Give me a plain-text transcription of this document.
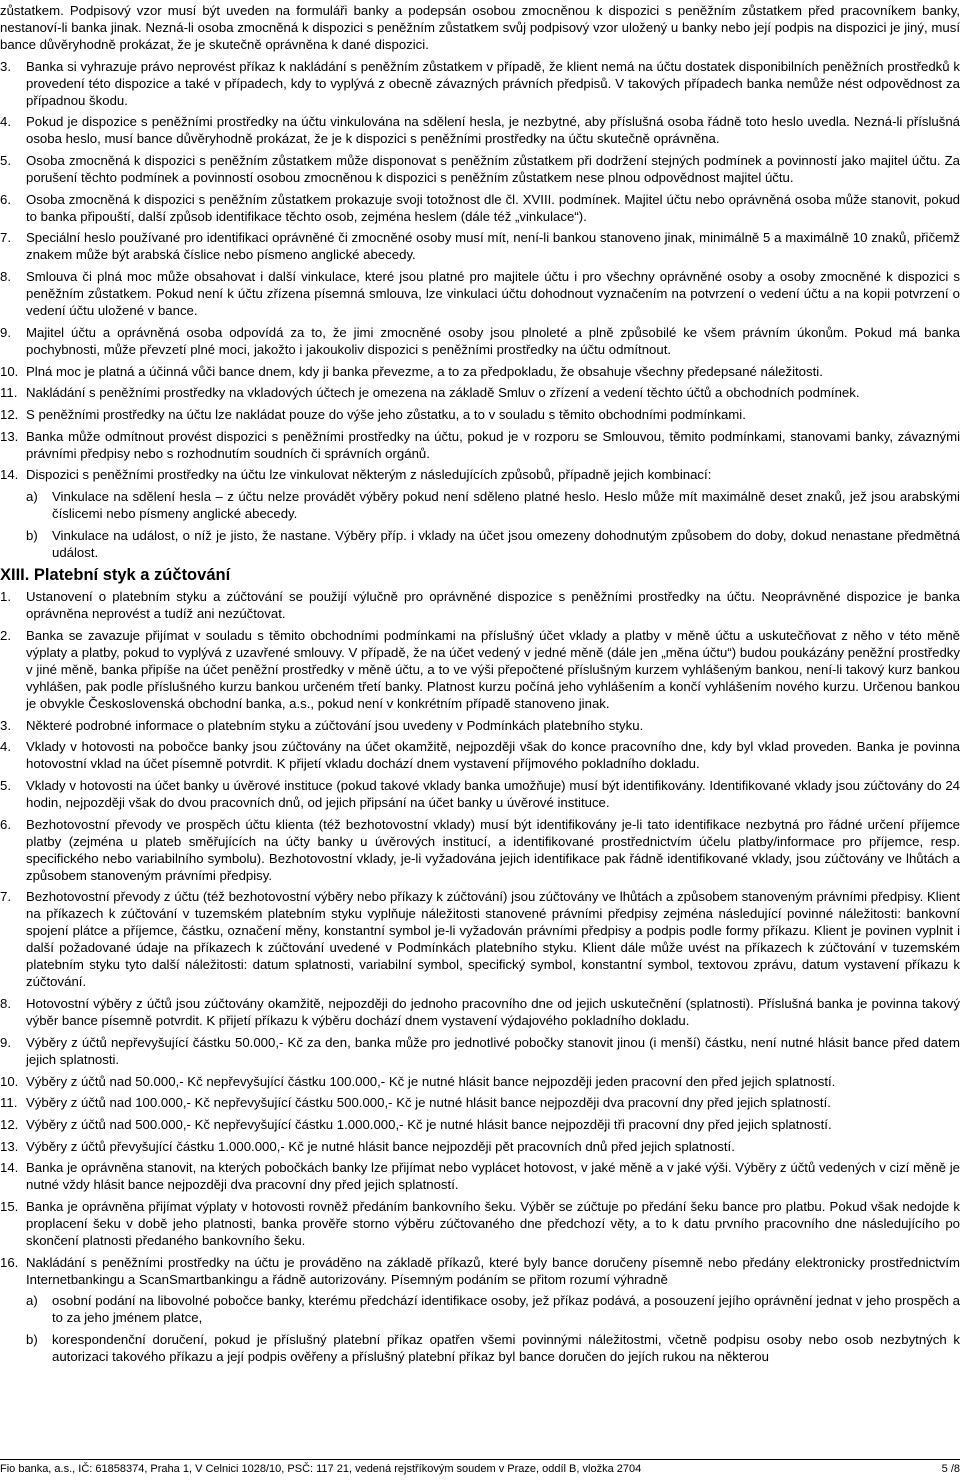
zůstatkem. Podpisový vzor musí být uveden na formuláři banky a podepsán osobou zmocněnou k dispozici s peněžním zůstatkem před pracovníkem banky, nestanoví-li banka jinak. Nezná-li osoba zmocněná k dispozici s peněžním zůstatkem svůj podpisový vzor uložený u banky nebo její podpis na dispozici je jiný, musí bance důvěryhodně prokázat, že je skutečně oprávněna k dané dispozici.

3.	Banka si vyhrazuje právo neprovést příkaz k nakládání s peněžním zůstatkem v případě, že klient nemá na účtu dostatek disponibilních peněžních prostředků k provedení této dispozice a také v případech, kdy to vyplývá z obecně závazných právních předpisů. V takových případech banka nemůže nést odpovědnost za případnou škodu.
4.	Pokud je dispozice s peněžními prostředky na účtu vinkulována na sdělení hesla, je nezbytné, aby příslušná osoba řádně toto heslo uvedla. Nezná-li příslušná osoba heslo, musí bance důvěryhodně prokázat, že je k dispozici s peněžními prostředky na účtu skutečně oprávněna.
5.	Osoba zmocněná k dispozici s peněžním zůstatkem může disponovat s peněžním zůstatkem při dodržení stejných podmínek a povinností jako majitel účtu. Za porušení těchto podmínek a povinností osobou zmocněnou k dispozici s peněžním zůstatkem nese plnou odpovědnost majitel účtu.
6.	Osoba zmocněná k dispozici s peněžním zůstatkem prokazuje svoji totožnost dle čl. XVIII. podmínek. Majitel účtu nebo oprávněná osoba může stanovit, pokud to banka připouští, další způsob identifikace těchto osob, zejména heslem (dále též „vinkulace“).
7.	Speciální heslo používané pro identifikaci oprávněné či zmocněné osoby musí mít, není-li bankou stanoveno jinak, minimálně 5 a maximálně 10 znaků, přičemž znakem může být arabská číslice nebo písmeno anglické abecedy.
8.	Smlouva či plná moc může obsahovat i další vinkulace, které jsou platné pro majitele účtu i pro všechny oprávněné osoby a osoby zmocněné k dispozici s peněžním zůstatkem. Pokud není k účtu zřízena písemná smlouva, lze vinkulaci účtu dohodnout vyznačením na potvrzení o vedení účtu a na kopii potvrzení o vedení účtu uložené v bance.
9.	Majitel účtu a oprávněná osoba odpovídá za to, že jimi zmocněné osoby jsou plnoleté a plně způsobilé ke všem právním úkonům. Pokud má banka pochybnosti, může převzetí plné moci, jakožto i jakoukoliv dispozici s peněžními prostředky na účtu odmítnout.
10. Plná moc je platná a účinná vůči bance dnem, kdy ji banka převezme, a to za předpokladu, že obsahuje všechny předepsané náležitosti.
11. Nakládání s peněžními prostředky na vkladových účtech je omezena na základě Smluv o zřízení a vedení těchto účtů a obchodních podmínek.
12. S peněžními prostředky na účtu lze nakládat pouze do výše jeho zůstatku, a to v souladu s těmito obchodními podmínkami.
13. Banka může odmítnout provést dispozici s peněžními prostředky na účtu, pokud je v rozporu se Smlouvou, těmito podmínkami, stanovami banky, závaznými právními předpisy nebo s rozhodnutím soudních či správních orgánů.
14. Dispozici s peněžními prostředky na účtu lze vinkulovat některým z následujících způsobů, případně jejich kombinací:
a)	Vinkulace na sdělení hesla – z účtu nelze provádět výběry pokud není sděleno platné heslo. Heslo může mít maximálně deset znaků, jež jsou arabskými číslicemi nebo písmeny anglické abecedy.
b)	Vinkulace na událost, o níž je jisto, že nastane. Výběry příp. i vklady na účet jsou omezeny dohodnutým způsobem do doby, dokud nenastane předmětná událost.
XIII. Platební styk a zúčtování
1.	Ustanovení o platebním styku a zúčtování se použijí výlučně pro oprávněné dispozice s peněžními prostředky na účtu. Neoprávněné dispozice je banka oprávněna neprovést a tudíž ani nezúčtovat.
2.	Banka se zavazuje přijímat v souladu s těmito obchodními podmínkami na příslušný účet vklady a platby v měně účtu a uskutečňovat z něho v této měně výplaty a platby, pokud to vyplývá z uzavřené smlouvy. V případě, že na účet vedený v jedné měně (dále jen „měna účtu“) budou poukázány peněžní prostředky v jiné měně, banka připíše na účet peněžní prostředky v měně účtu, a to ve výši přepočtené příslušným kurzem vyhlášeným bankou, není-li takový kurz bankou vyhlášen, pak podle příslušného kurzu bankou určeném třetí banky. Platnost kurzu počíná jeho vyhlášením a končí vyhlášením nového kurzu. Určenou bankou je obvykle Československá obchodní banka, a.s., pokud není v konkrétním případě stanoveno jinak.
3.	Některé podrobné informace o platebním styku a zúčtování jsou uvedeny v Podmínkách platebního styku.
4.	Vklady v hotovosti na pobočce banky jsou zúčtovány na účet okamžitě, nejpozději však do konce pracovního dne, kdy byl vklad proveden. Banka je povinna hotovostní vklad na účet písemně potvrdit. K přijetí vkladu dochází dnem vystavení příjmového pokladního dokladu.
5.	Vklady v hotovosti na účet banky u úvěrové instituce (pokud takové vklady banka umožňuje) musí být identifikovány. Identifikované vklady jsou zúčtovány do 24 hodin, nejpozději však do dvou pracovních dnů, od jejich připsání na účet banky u úvěrové instituce.
6.	Bezhotovostní převody ve prospěch účtu klienta (též bezhotovostní vklady) musí být identifikovány je-li tato identifikace nezbytná pro řádné určení příjemce platby (zejména u plateb směřujících na účty banky u úvěrových institucí, a identifikované prostřednictvím účelu platby/informace pro příjemce, resp. specifického nebo variabilního symbolu). Bezhotovostní vklady, je-li vyžadována jejich identifikace pak řádně identifikované vklady, jsou zúčtovány ve lhůtách a způsobem stanoveným právními předpisy.
7.	Bezhotovostní převody z účtu (též bezhotovostní výběry nebo příkazy k zúčtování) jsou zúčtovány ve lhůtách a způsobem stanoveným právními předpisy. Klient na příkazech k zúčtování v tuzemském platebním styku vyplňuje náležitosti stanovené právními předpisy zejména následující povinné náležitosti: bankovní spojení plátce a příjemce, částku, označení měny, konstantní symbol je-li vyžadován právními předpisy a podpis podle formy příkazu. Klient je povinen vyplnit i další požadované údaje na příkazech k zúčtování uvedené v Podmínkách platebního styku. Klient dále může uvést na příkazech k zúčtování v tuzemském platebním styku tyto další náležitosti: datum splatnosti, variabilní symbol, specifický symbol, konstantní symbol, textovou zprávu, datum vystavení příkazu k zúčtování.
8.	Hotovostní výběry z účtů jsou zúčtovány okamžitě, nejpozději do jednoho pracovního dne od jejich uskutečnění (splatnosti). Příslušná banka je povinna takový výběr bance písemně potvrdit. K přijetí příkazu k výběru dochází dnem vystavení výdajového pokladního dokladu.
9.	Výběry z účtů nepřevyšující částku 50.000,- Kč za den, banka může pro jednotlivé pobočky stanovit jinou (i menší) částku, není nutné hlásit bance před datem jejich splatnosti.
10. Výběry z účtů nad 50.000,- Kč nepřevyšující částku 100.000,- Kč je nutné hlásit bance nejpozději jeden pracovní den před jejich splatností.
11. Výběry z účtů nad 100.000,- Kč nepřevyšující částku 500.000,- Kč je nutné hlásit bance nejpozději dva pracovní dny před jejich splatností.
12. Výběry z účtů nad 500.000,- Kč nepřevyšující částku 1.000.000,- Kč je nutné hlásit bance nejpozději tři pracovní dny před jejich splatností.
13. Výběry z účtů převyšující částku 1.000.000,- Kč je nutné hlásit bance nejpozději pět pracovních dnů před jejich splatností.
14. Banka je oprávněna stanovit, na kterých pobočkách banky lze přijímat nebo vyplácet hotovost, v jaké měně a v jaké výši. Výběry z účtů vedených v cizí měně je nutné vždy hlásit bance nejpozději dva pracovní dny před jejich splatností.
15. Banka je oprávněna přijímat výplaty v hotovosti rovněž předáním bankovního šeku. Výběr se zúčtuje po předání šeku bance pro platbu. Pokud však nedojde k proplacení šeku v době jeho platnosti, banka prověře storno výběru zúčtovaného dne předchozí věty, a to k datu prvního pracovního dne následujícího po skončení platnosti předaného bankovního šeku.
16. Nakládání s peněžními prostředky na účtu je prováděno na základě příkazů, které byly bance doručeny písemně nebo předány elektronicky prostřednictvím Internetbankingu a ScanSmartbankingu a řádně autorizovány. Písemným podáním se přitom rozumí výhradně
a)	osobní podání na libovolné pobočce banky, kterému předchází identifikace osoby, jež příkaz podává, a posouzení jejího oprávnění jednat v jeho prospěch a to za jeho jménem platce,
b)	korespondenční doručení, pokud je příslušný platební příkaz opatřen všemi povinnými náležitostmi, včetně podpisu osoby nebo osob nezbytných k autorizaci takového příkazu a její podpis ověřeny a příslušný platební příkaz byl bance doručen do jejích rukou na některou
Fio banka, a.s., IČ: 61858374, Praha 1, V Celnici 1028/10, PSČ: 117 21, vedená rejstříkovým soudem v Praze, oddíl B, vložka 2704	5 /8
